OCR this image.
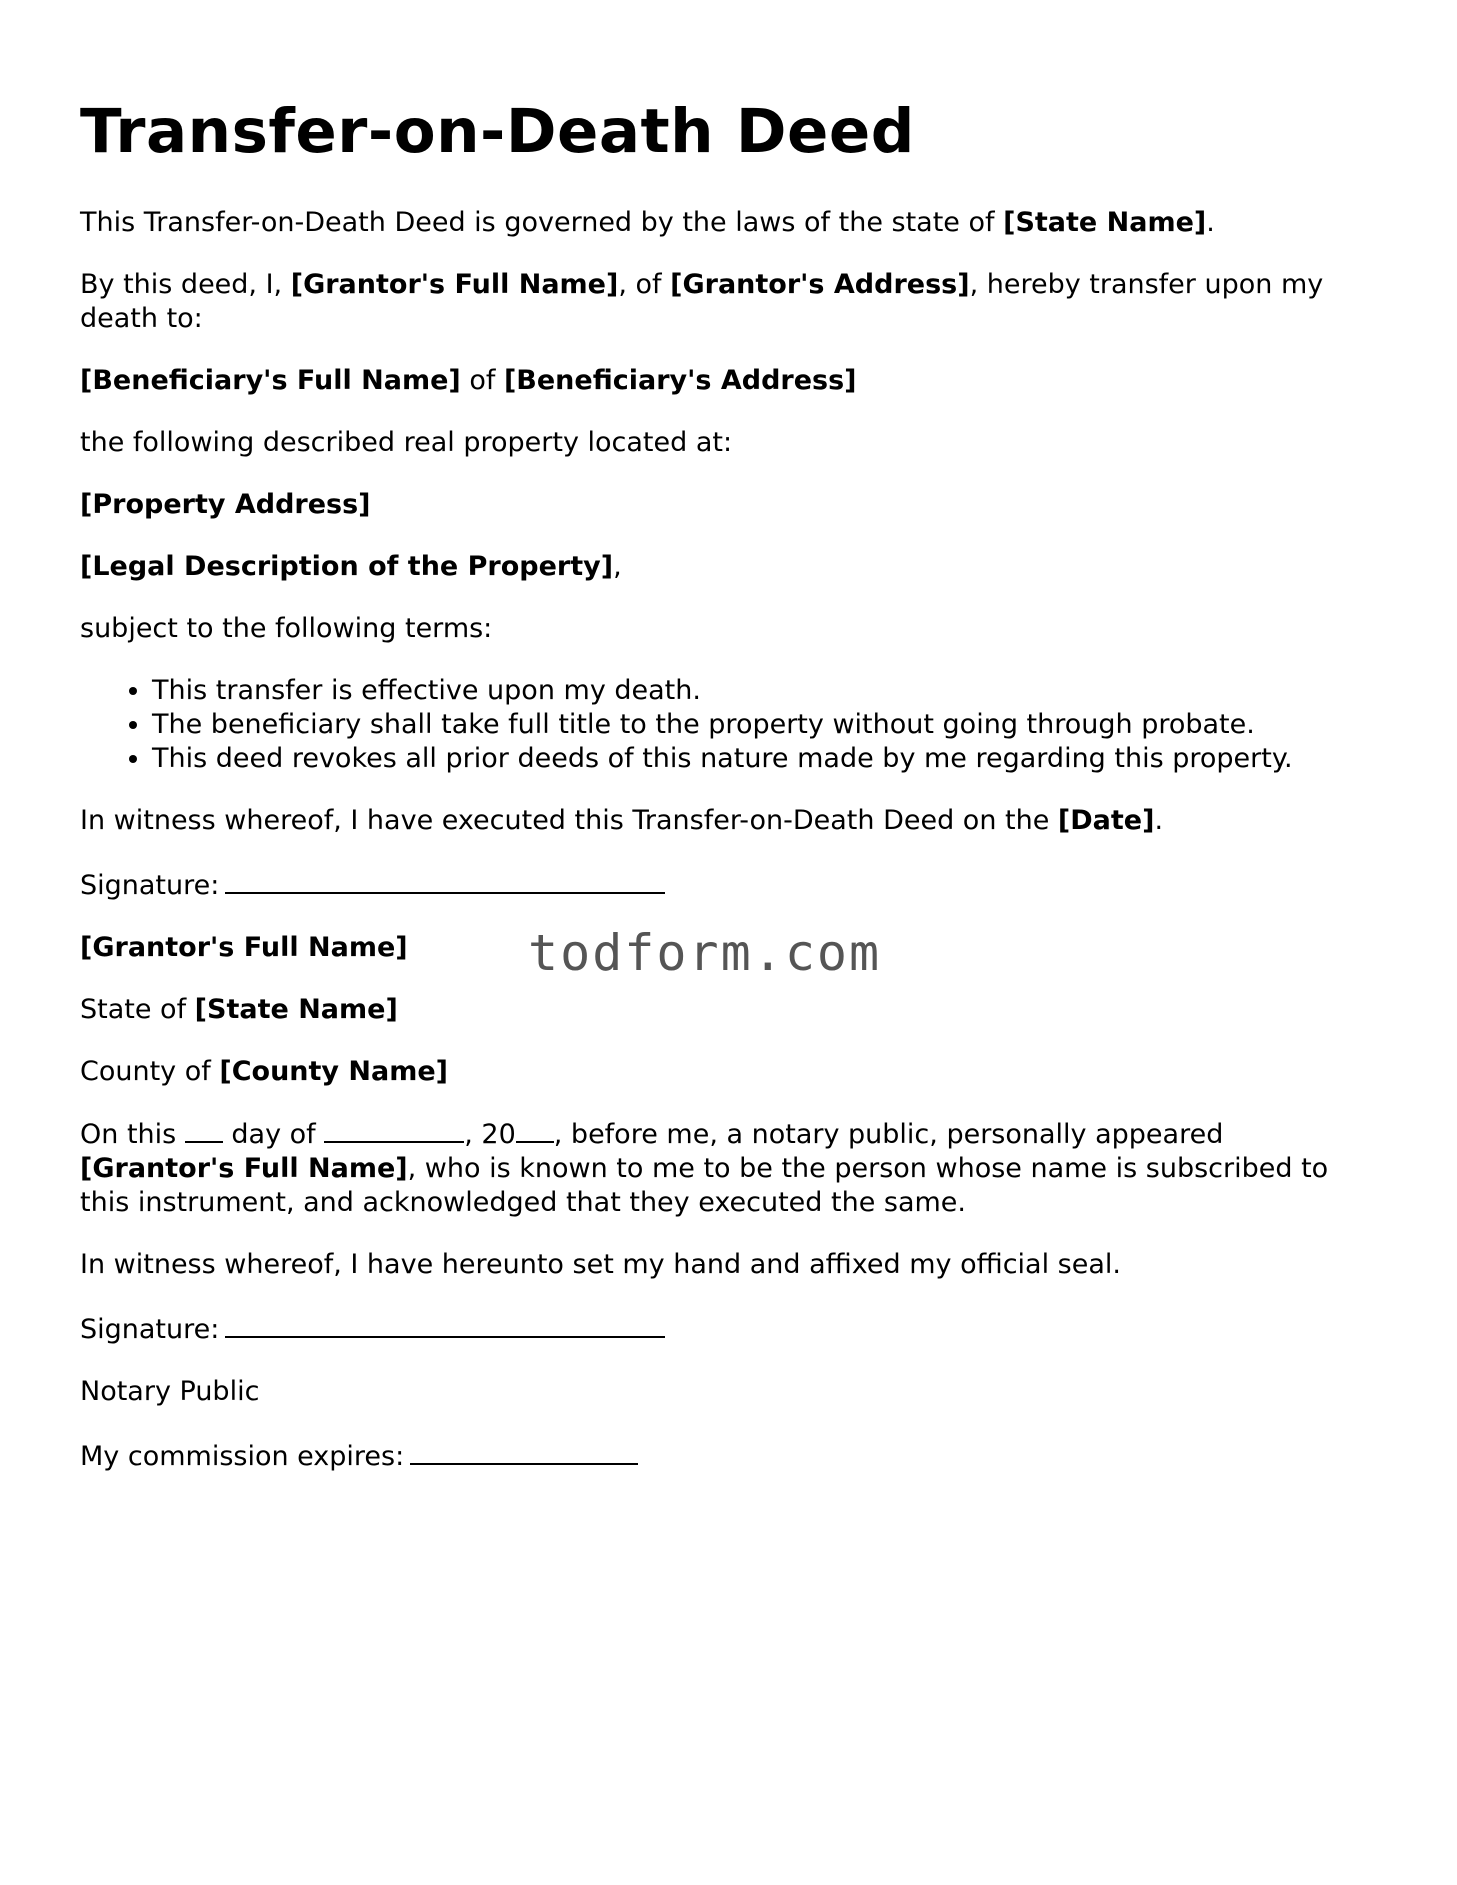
Transfer-on-Death Deed

This Transfer-on-Death Deed is governed by the laws of the state of [State Name].

By this deed, I, [Grantor's Full Name], of [Grantor's Address], hereby transfer upon my death to:

[Beneficiary's Full Name] of [Beneficiary's Address]

the following described real property located at:

[Property Address]

[Legal Description of the Property],

subject to the following terms:

• This transfer is effective upon my death.
• The beneficiary shall take full title to the property without going through probate.
• This deed revokes all prior deeds of this nature made by me regarding this property.

In witness whereof, I have executed this Transfer-on-Death Deed on the [Date].

Signature:

[Grantor's Full Name]

State of [State Name]

County of [County Name]

On this  day of	, 20 , before me, a notary public, personally appeared [Grantor's Full Name], who is known to me to be the person whose name is subscribed to this instrument, and acknowledged that they executed the same.

In witness whereof, I have hereunto set my hand and affixed my official seal.

Signature:

Notary Public

My commission expires:

todform.com
